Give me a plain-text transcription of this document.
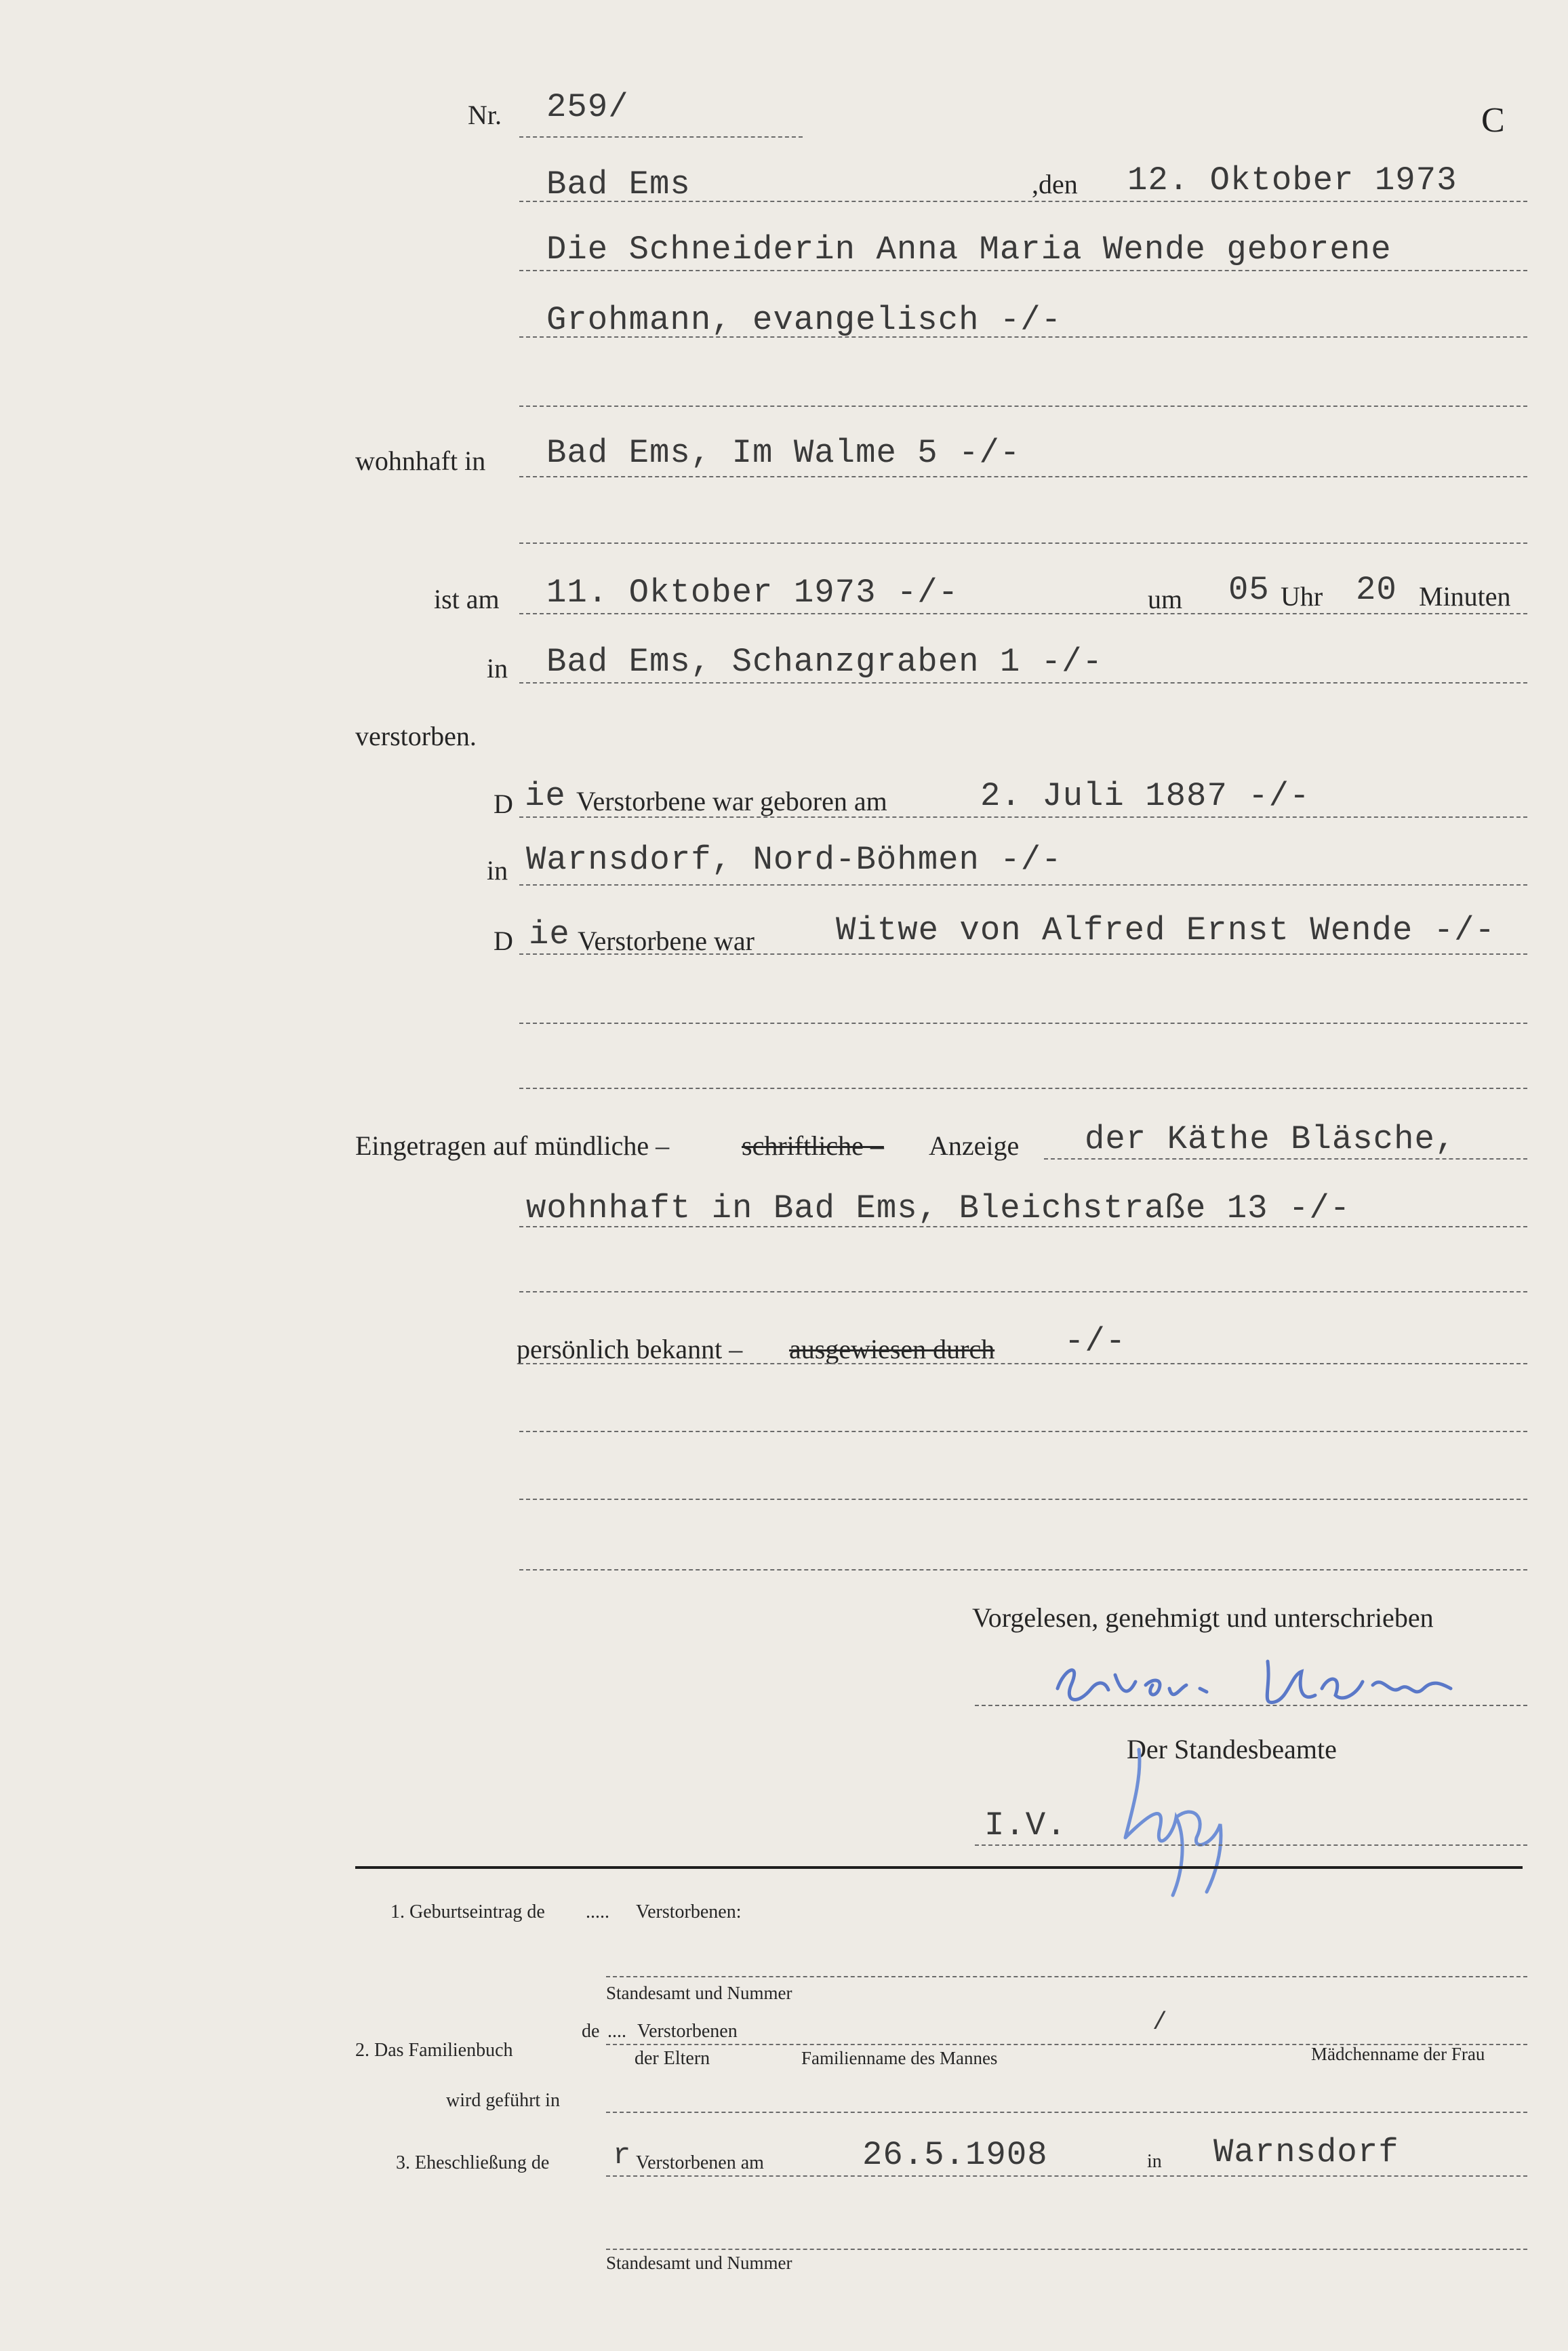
Nr. 259/	C
Bad Ems	,den 12. Oktober 1973
Die Schneiderin Anna Maria Wende geborene
Grohmann, evangelisch -/-
wohnhaft in Bad Ems, Im Walme 5 -/-
ist am 11. Oktober 1973 -/-	um 05 Uhr 20 Minuten
in Bad Ems, Schanzgraben 1 -/-
verstorben.
D ie Verstorbene war geboren am	2. Juli 1887 -/-
in Warnsdorf, Nord-Böhmen -/-
D ie Verstorbene war Witwe von Alfred Ernst Wende -/-
Eingetragen auf mündliche –	schriftliche – Anzeige der Käthe Bläsche,
wohnhaft in Bad Ems, Bleichstraße 13 -/-
persönlich bekannt – ausgewiesen durch -/-
Vorgelesen, genehmigt und unterschrieben
Der Standesbeamte
I.V.
1. Geburtseintrag de ..... Verstorbenen:
Standesamt und Nummer
de .... Verstorbenen
2. Das Familienbuch	der Eltern	Familienname des Mannes
/
Mädchenname der Frau
wird geführt in
3. Eheschließung de r Verstorbenen am	26.5.1908	in Warnsdorf
Standesamt und Nummer
